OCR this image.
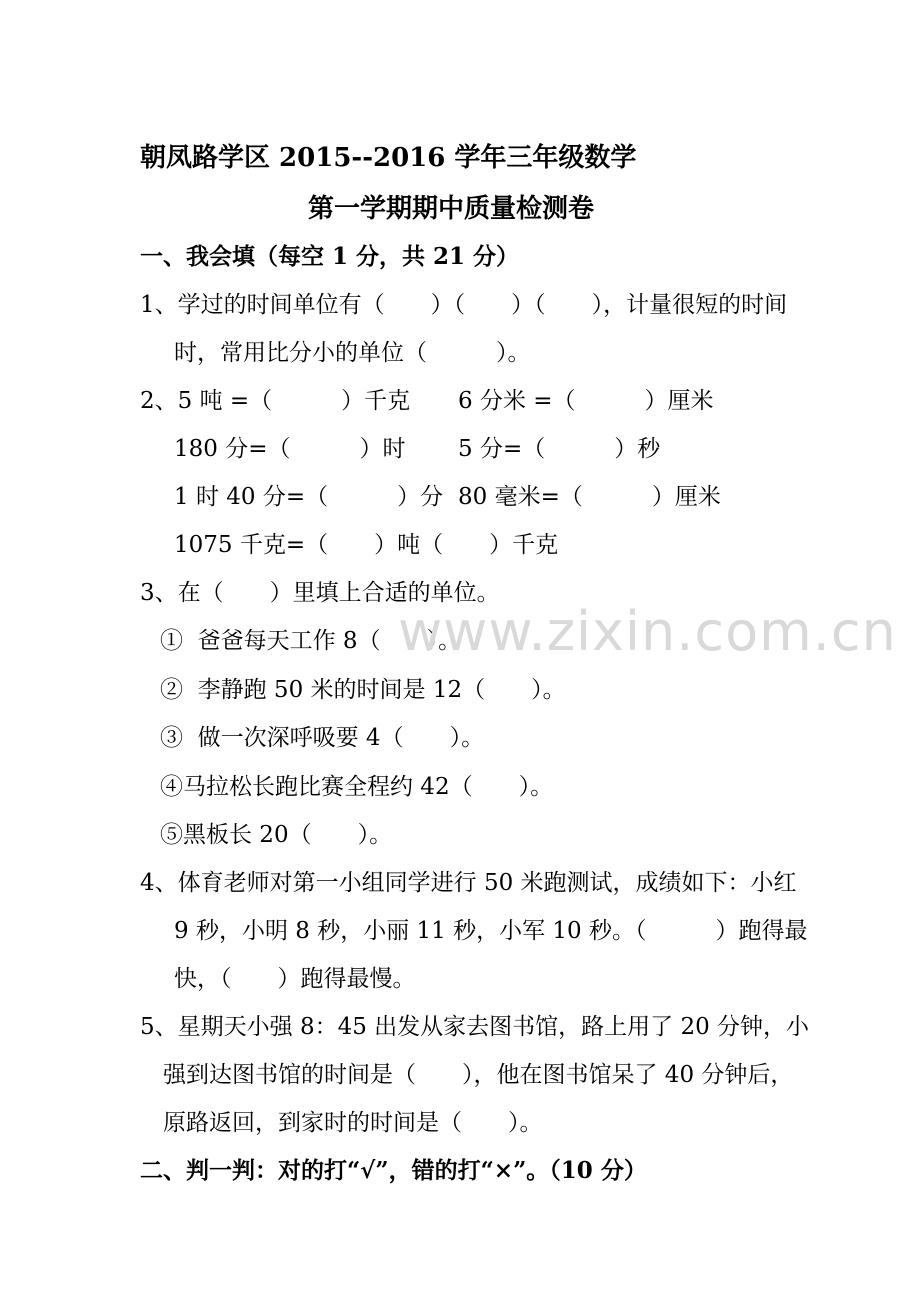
朝凤路学区 2015--2016 学年三年级数学
第一学期期中质量检测卷
一、我会填（每空 1 分，共 21 分）
1、学过的时间单位有（　　）（　　）（　　），计量很短的时间
时，常用比分小的单位（　　　）。
2、5 吨 =（　　　）千克 6 分米 =（　　　）厘米
180 分=（　　　）时 5 分=（　　　）秒
1 时 40 分=（　　　）分 80 毫米=（　　　）厘米
1075 千克=（　　）吨（　　）千克
3、在（　　）里填上合适的单位。
①  爸爸每天工作 8（　　）。
②  李静跑 50 米的时间是 12（　　）。
③  做一次深呼吸要 4（　　）。
④马拉松长跑比赛全程约 42（　　）。
⑤黑板长 20（　　）。
4、体育老师对第一小组同学进行 50 米跑测试，成绩如下：小红
9 秒，小明 8 秒，小丽 11 秒，小军 10 秒。（　　　）跑得最
快，（　　）跑得最慢。
5、星期天小强 8：45 出发从家去图书馆，路上用了 20 分钟，小
强到达图书馆的时间是（　　），他在图书馆呆了 40 分钟后，
原路返回，到家时的时间是（　　）。
二、判一判：对的打“√”，错的打“×”。（10 分）
www.zixin.com.cn
